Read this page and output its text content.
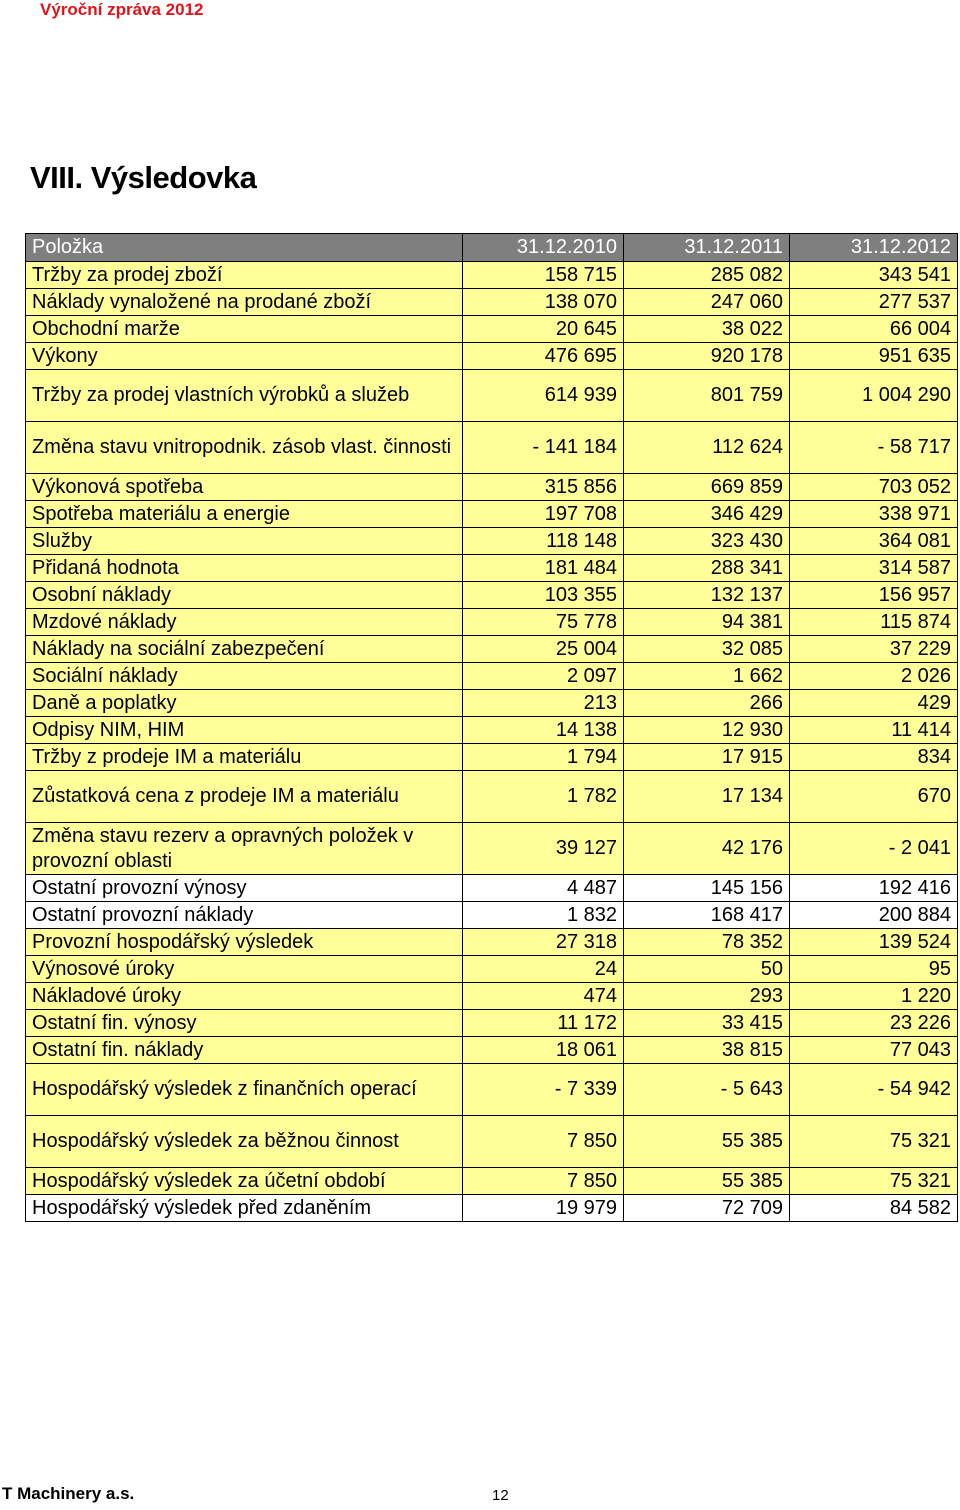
Výroční zpráva 2012
VIII. Výsledovka
Položka	31.12.2010	31.12.2011	31.12.2012
Tržby za prodej zboží	158 715	285 082	343 541
Náklady vynaložené na prodané zboží	138 070	247 060	277 537
Obchodní marže	20 645	38 022	66 004
Výkony	476 695	920 178	951 635
Tržby za prodej vlastních výrobků a služeb	614 939	801 759	1 004 290
Změna stavu vnitropodnik. zásob vlast. činnosti	- 141 184	112 624	- 58 717
Výkonová spotřeba	315 856	669 859	703 052
Spotřeba materiálu a energie	197 708	346 429	338 971
Služby	118 148	323 430	364 081
Přidaná hodnota	181 484	288 341	314 587
Osobní náklady	103 355	132 137	156 957
Mzdové náklady	75 778	94 381	115 874
Náklady na sociální zabezpečení	25 004	32 085	37 229
Sociální náklady	2 097	1 662	2 026
Daně a poplatky	213	266	429
Odpisy NIM, HIM	14 138	12 930	11 414
Tržby z prodeje IM a materiálu	1 794	17 915	834
Zůstatková cena z prodeje IM a materiálu	1 782	17 134	670
Změna stavu rezerv a opravných položek v provozní oblasti	39 127	42 176	- 2 041
Ostatní provozní výnosy	4 487	145 156	192 416
Ostatní provozní náklady	1 832	168 417	200 884
Provozní hospodářský výsledek	27 318	78 352	139 524
Výnosové úroky	24	50	95
Nákladové úroky	474	293	1 220
Ostatní fin. výnosy	11 172	33 415	23 226
Ostatní fin. náklady	18 061	38 815	77 043
Hospodářský výsledek z finančních operací	- 7 339	- 5 643	- 54 942
Hospodářský výsledek za běžnou činnost	7 850	55 385	75 321
Hospodářský výsledek za účetní období	7 850	55 385	75 321
Hospodářský výsledek před zdaněním	19 979	72 709	84 582
T Machinery a.s.	12
